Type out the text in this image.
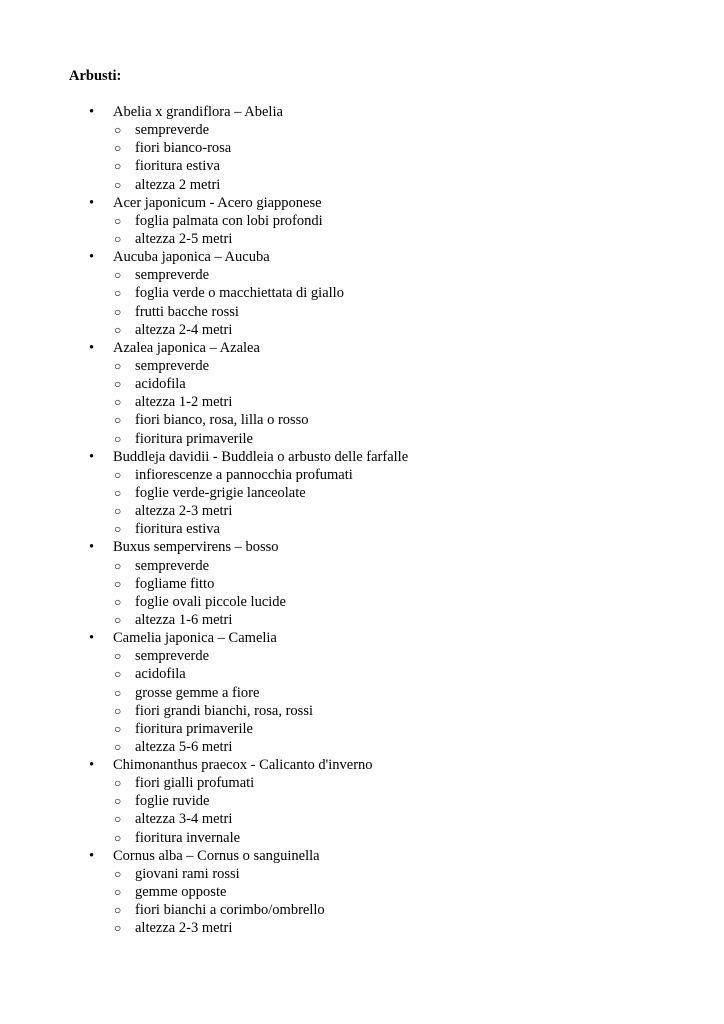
Arbusti:

•	Abelia x grandiflora – Abelia
○ sempreverde
○ fiori bianco-rosa
○ fioritura estiva
○ altezza 2 metri
•	Acer japonicum - Acero giapponese
○ foglia palmata con lobi profondi
○ altezza 2-5 metri
•	Aucuba japonica – Aucuba
○ sempreverde
○ foglia verde o macchiettata di giallo
○ frutti bacche rossi
○ altezza 2-4 metri
•	Azalea japonica – Azalea
○ sempreverde
○ acidofila
○ altezza 1-2 metri
○ fiori bianco, rosa, lilla o rosso
○ fioritura primaverile
•	Buddleja davidii - Buddleia o arbusto delle farfalle
○ infiorescenze a pannocchia profumati
○ foglie verde-grigie lanceolate
○ altezza 2-3 metri
○ fioritura estiva
•	Buxus sempervirens – bosso
○ sempreverde
○ fogliame fitto
○ foglie ovali piccole lucide
○ altezza 1-6 metri
•	Camelia japonica – Camelia
○ sempreverde
○ acidofila
○ grosse gemme a fiore
○ fiori grandi bianchi, rosa, rossi
○ fioritura primaverile
○ altezza 5-6 metri
•	Chimonanthus praecox - Calicanto d'inverno
○ fiori gialli profumati
○ foglie ruvide
○ altezza 3-4 metri
○ fioritura invernale
•	Cornus alba – Cornus o sanguinella
○ giovani rami rossi
○ gemme opposte
○ fiori bianchi a corimbo/ombrello
○ altezza 2-3 metri
